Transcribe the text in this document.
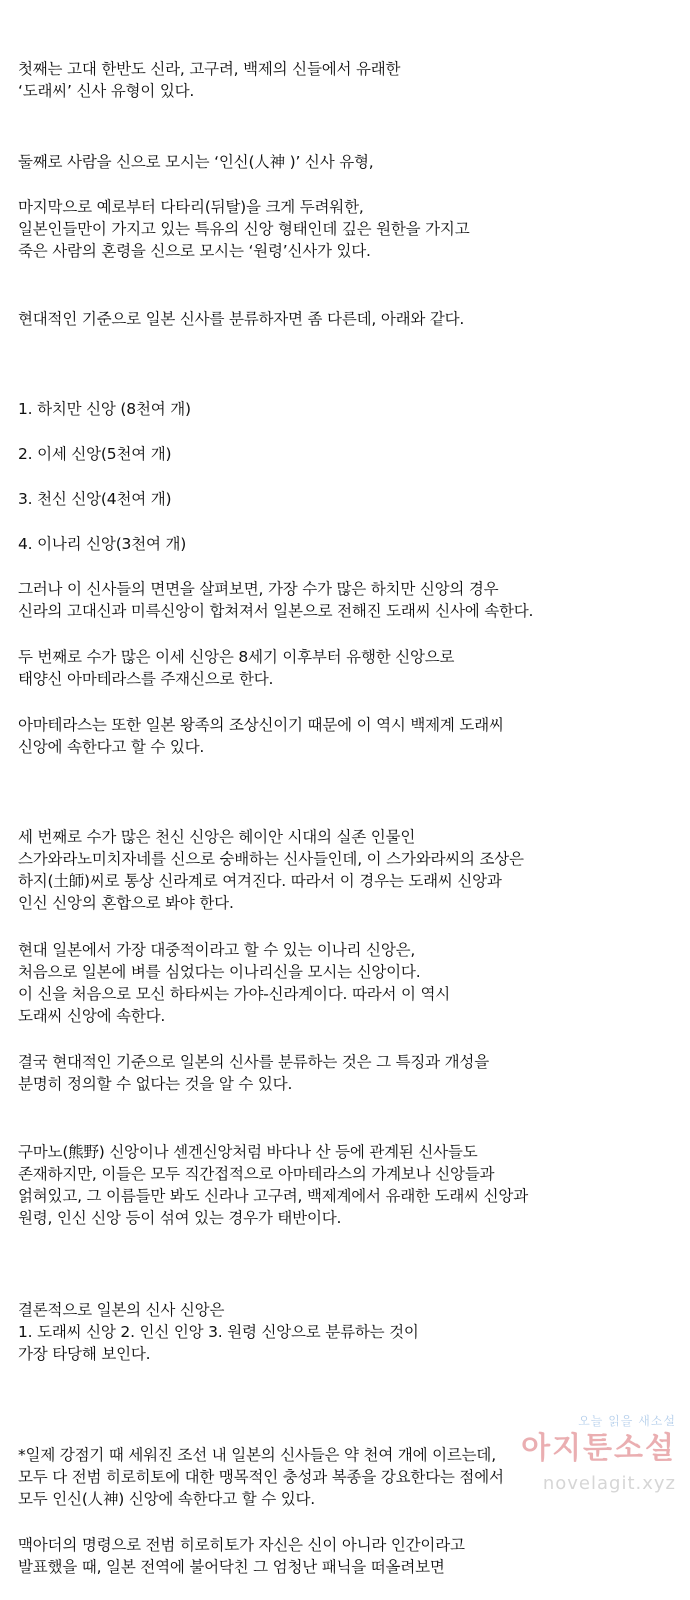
첫째는 고대 한반도 신라, 고구려, 백제의 신들에서 유래한
‘도래씨’ 신사 유형이 있다.
둘째로 사람을 신으로 모시는 ‘인신(人神 )’ 신사 유형,
마지막으로 예로부터 다타리(뒤탈)을 크게 두려워한,
일본인들만이 가지고 있는 특유의 신앙 형태인데 깊은 원한을 가지고
죽은 사람의 혼령을 신으로 모시는 ‘원령’신사가 있다.
현대적인 기준으로 일본 신사를 분류하자면 좀 다른데, 아래와 같다.
1. 하치만 신앙 (8천여 개)
2. 이세 신앙(5천여 개)
3. 천신 신앙(4천여 개)
4. 이나리 신앙(3천여 개)
그러나 이 신사들의 면면을 살펴보면, 가장 수가 많은 하치만 신앙의 경우
신라의 고대신과 미륵신앙이 합쳐져서 일본으로 전해진 도래씨 신사에 속한다.
두 번째로 수가 많은 이세 신앙은 8세기 이후부터 유행한 신앙으로
태양신 아마테라스를 주재신으로 한다.
아마테라스는 또한 일본 왕족의 조상신이기 때문에 이 역시 백제계 도래씨
신앙에 속한다고 할 수 있다.
세 번째로 수가 많은 천신 신앙은 헤이안 시대의 실존 인물인
스가와라노미치자네를 신으로 숭배하는 신사들인데, 이 스가와라씨의 조상은
하지(土師)씨로 통상 신라계로 여겨진다. 따라서 이 경우는 도래씨 신앙과
인신 신앙의 혼합으로 봐야 한다.
현대 일본에서 가장 대중적이라고 할 수 있는 이나리 신앙은,
처음으로 일본에 벼를 심었다는 이나리신을 모시는 신앙이다.
이 신을 처음으로 모신 하타씨는 가야-신라계이다. 따라서 이 역시
도래씨 신앙에 속한다.
결국 현대적인 기준으로 일본의 신사를 분류하는 것은 그 특징과 개성을
분명히 정의할 수 없다는 것을 알 수 있다.
구마노(熊野) 신앙이나 센겐신앙처럼 바다나 산 등에 관계된 신사들도
존재하지만, 이들은 모두 직간접적으로 아마테라스의 가계보나 신앙들과
얽혀있고, 그 이름들만 봐도 신라나 고구려, 백제계에서 유래한 도래씨 신앙과
원령, 인신 신앙 등이 섞여 있는 경우가 태반이다.
결론적으로 일본의 신사 신앙은
1. 도래씨 신앙 2. 인신 인앙 3. 원령 신앙으로 분류하는 것이
가장 타당해 보인다.
*일제 강점기 때 세워진 조선 내 일본의 신사들은 약 천여 개에 이르는데,
모두 다 전범 히로히토에 대한 맹목적인 충성과 복종을 강요한다는 점에서
모두 인신(人神) 신앙에 속한다고 할 수 있다.
맥아더의 명령으로 전범 히로히토가 자신은 신이 아니라 인간이라고
발표했을 때, 일본 전역에 불어닥친 그 엄청난 패닉을 떠올려보면
오늘 읽을 새소설
아지툰소설
novelagit.xyz
